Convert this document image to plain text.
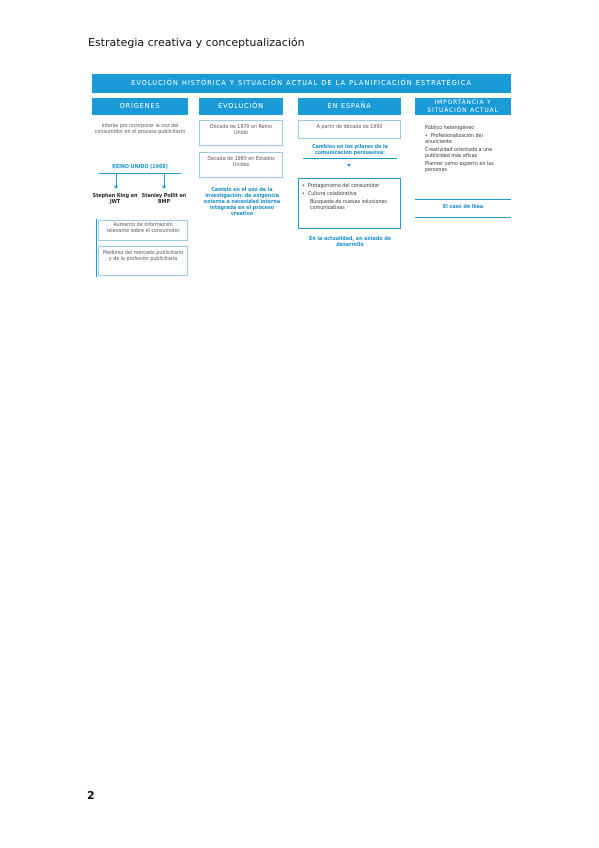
Estrategia creativa y conceptualización
EVOLUCIÓN HISTÓRICA Y SITUACIÓN ACTUAL DE LA PLANIFICACIÓN ESTRATÉGICA
ORÍGENES
Interés por incorporar la voz del consumidor en el proceso publicitario
REINO UNIDO (1968)
Stephen King en JWT
Stanley Pollit en BMP
Aumento de información relevante sobre el consumidor
Madurez del mercado publicitario y de la profesión publicitaria
EVOLUCIÓN
Década de 1970 en Reino Unido
Década de 1980 en Estados Unidos
Cambio en el uso de la investigación: de exigencia externa a necesidad interna integrada en el proceso creativo
EN ESPAÑA
A partir de década de 1990
Cambios en los pilares de la comunicación persuasiva:
•  Protagonismo del consumidor
•  Cultura colaborativa
Búsqueda de nuevas soluciones comunicativas
En la actualidad, en estado de desarrollo
IMPORTANCIA Y
SITUACIÓN ACTUAL
Público heterogéneo
•  Profesionalización del anunciante
Creatividad orientada a una publicidad más eficaz
Planner como experto en las personas
El caso de Ikea
2
